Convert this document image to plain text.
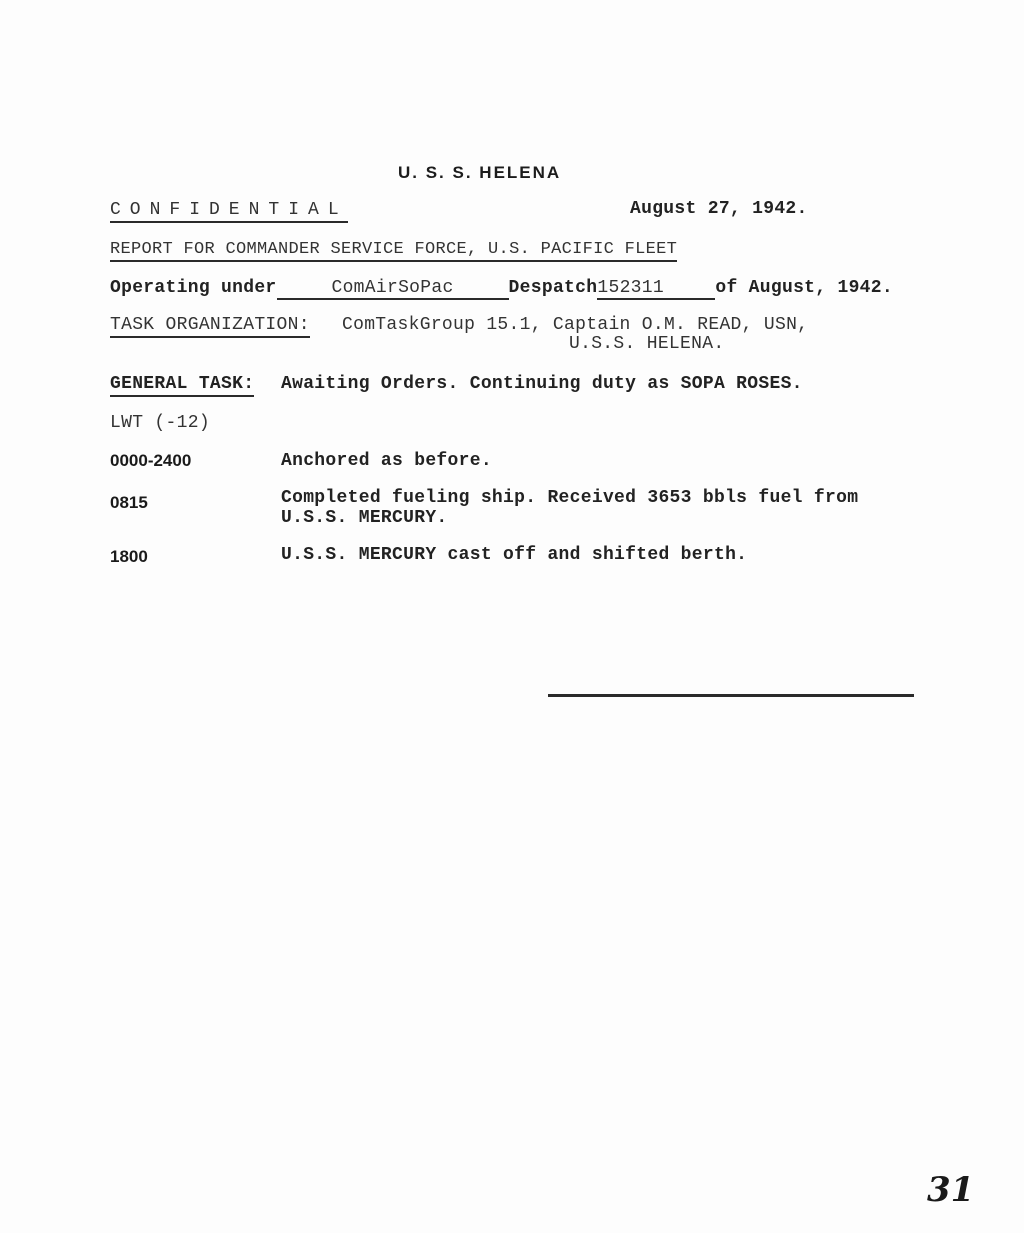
U. S. S. HELENA
CONFIDENTIAL	August 27, 1942.
REPORT FOR COMMANDER SERVICE FORCE, U.S. PACIFIC FLEET
Operating under	ComAirSoPac	Despatch152311	of August, 1942.
TASK ORGANIZATION: ComTaskGroup 15.1, Captain O.M. READ, USN,
U.S.S. HELENA.
GENERAL TASK: Awaiting Orders. Continuing duty as SOPA ROSES.
LWT (-12)
0000-2400	Anchored as before.
0815	Completed fueling ship. Received 3653 bbls fuel from
U.S.S. MERCURY.
1800	U.S.S. MERCURY cast off and shifted berth.
31
